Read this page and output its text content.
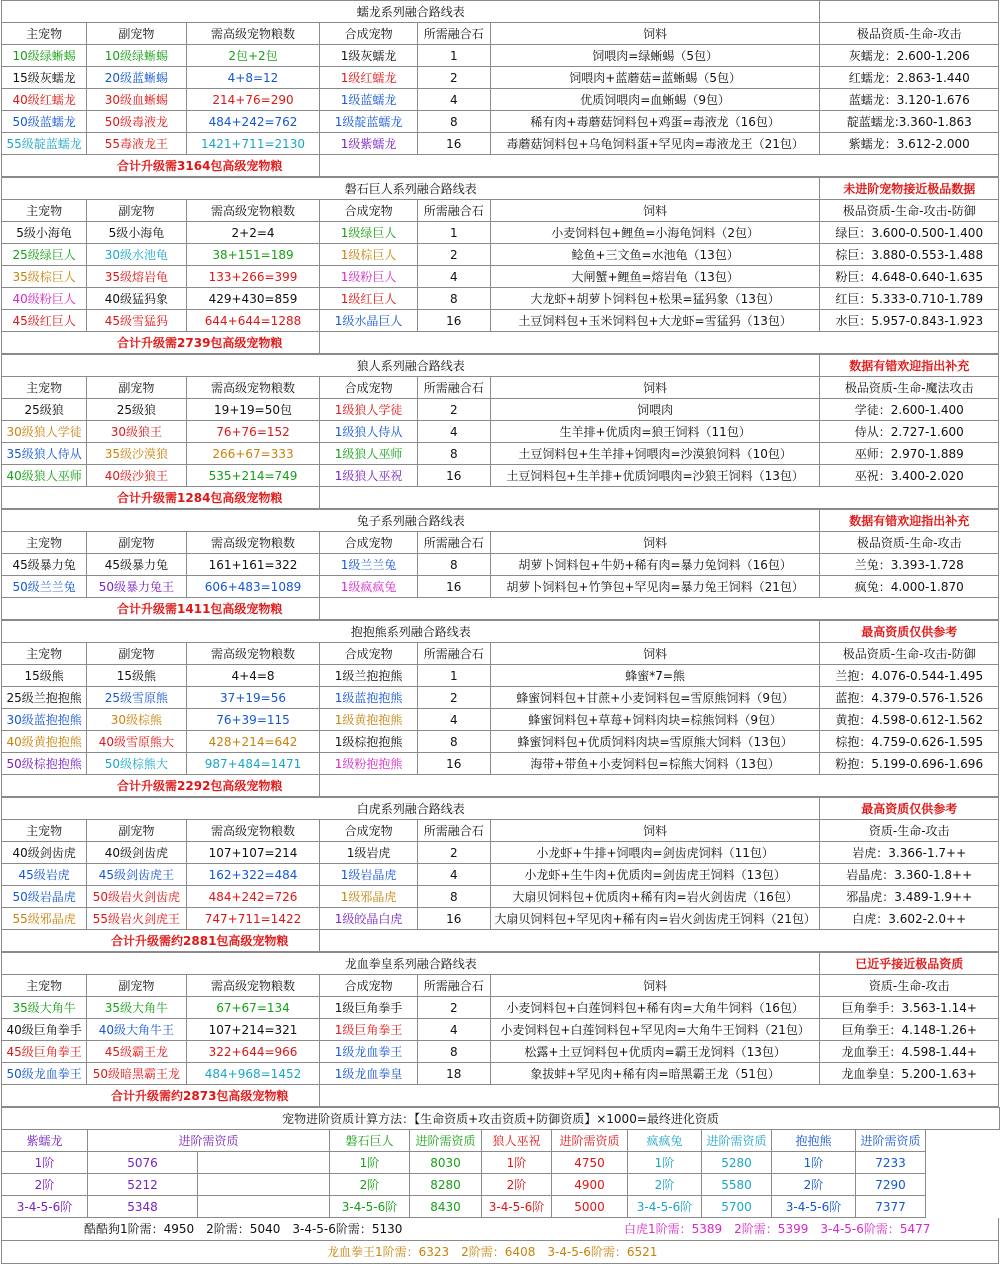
蠕龙系列融合路线表						
主宠物	副宠物	需高级宠物粮数	合成宠物	所需融合石	饲料	极品资质-生命-攻击
10级绿蜥蜴	10级绿蜥蜴	2包+2包	1级灰蠕龙	1	饲喂肉=绿蜥蜴（5包）	灰蠕龙：2.600-1.206
15级灰蠕龙	20级蓝蜥蜴	4+8=12	1级红蠕龙	2	饲喂肉+蓝蘑菇=蓝蜥蜴（5包）	红蠕龙：2.863-1.440
40级红蠕龙	30级血蜥蜴	214+76=290	1级蓝蠕龙	4	优质饲喂肉=血蜥蜴（9包）	蓝蠕龙：3.120-1.676
50级蓝蠕龙	50级毒液龙	484+242=762	1级靛蓝蠕龙	8	稀有肉+毒蘑菇饲料包+鸡蛋=毒液龙（16包）	靛蓝蠕龙:3.360-1.863
55级靛蓝蠕龙	55毒液龙王	1421+711=2130	1级紫蠕龙	16	毒蘑菇饲料包+乌龟饲料蛋+罕见肉=毒液龙王（21包）	紫蠕龙：3.612-2.000
合计升级需3164包高级宠物粮						
磐石巨人系列融合路线表						未进阶宠物接近极品数据
主宠物	副宠物	需高级宠物粮数	合成宠物	所需融合石	饲料	极品资质-生命-攻击-防御
5级小海龟	5级小海龟	2+2=4	1级绿巨人	1	小麦饲料包+鲤鱼=小海龟饲料（2包）	绿巨：3.600-0.500-1.400
25级绿巨人	30级水池龟	38+151=189	1级棕巨人	2	鲶鱼+三文鱼=水池龟（13包）	棕巨：3.880-0.553-1.488
35级棕巨人	35级熔岩龟	133+266=399	1级粉巨人	4	大闸蟹+鲤鱼=熔岩龟（13包）	粉巨：4.648-0.640-1.635
40级粉巨人	40级猛犸象	429+430=859	1级红巨人	8	大龙虾+胡萝卜饲料包+松果=猛犸象（13包）	红巨：5.333-0.710-1.789
45级红巨人	45级雪猛犸	644+644=1288	1级水晶巨人	16	土豆饲料包+玉米饲料包+大龙虾=雪猛犸（13包）	水巨：5.957-0.843-1.923
合计升级需2739包高级宠物粮						
狼人系列融合路线表						数据有错欢迎指出补充
主宠物	副宠物	需高级宠物粮数	合成宠物	所需融合石	饲料	极品资质-生命-魔法攻击
25级狼	25级狼	19+19=50包	1级狼人学徒	2	饲喂肉	学徒：2.600-1.400
30级狼人学徒	30级狼王	76+76=152	1级狼人侍从	4	生羊排+优质肉=狼王饲料（11包）	侍从：2.727-1.600
35级狼人侍从	35级沙漠狼	266+67=333	1级狼人巫师	8	土豆饲料包+生羊排+饲喂肉=沙漠狼饲料（10包）	巫师：2.970-1.889
40级狼人巫师	40级沙狼王	535+214=749	1级狼人巫祝	16	土豆饲料包+生羊排+优质饲喂肉=沙狼王饲料（13包）	巫祝：3.400-2.020
合计升级需1284包高级宠物粮						
兔子系列融合路线表						数据有错欢迎指出补充
主宠物	副宠物	需高级宠物粮数	合成宠物	所需融合石	饲料	极品资质-生命-攻击
45级暴力兔	45级暴力兔	161+161=322	1级兰兰兔	8	胡萝卜饲料包+牛奶+稀有肉=暴力兔饲料（16包）	兰兔：3.393-1.728
50级兰兰兔	50级暴力兔王	606+483=1089	1级疯疯兔	16	胡萝卜饲料包+竹笋包+罕见肉=暴力兔王饲料（21包）	疯兔：4.000-1.870
合计升级需1411包高级宠物粮						
抱抱熊系列融合路线表						最高资质仅供参考
主宠物	副宠物	需高级宠物粮数	合成宠物	所需融合石	饲料	极品资质-生命-攻击-防御
15级熊	15级熊	4+4=8	1级兰抱抱熊	1	蜂蜜*7=熊	兰抱：4.076-0.544-1.495
25级兰抱抱熊	25级雪原熊	37+19=56	1级蓝抱抱熊	2	蜂蜜饲料包+甘蔗+小麦饲料包=雪原熊饲料（9包）	蓝抱：4.379-0.576-1.526
30级蓝抱抱熊	30级棕熊	76+39=115	1级黄抱抱熊	4	蜂蜜饲料包+草莓+饲料肉块=棕熊饲料（9包）	黄抱：4.598-0.612-1.562
40级黄抱抱熊	40级雪原熊大	428+214=642	1级棕抱抱熊	8	蜂蜜饲料包+优质饲料肉块=雪原熊大饲料（13包）	棕抱：4.759-0.626-1.595
50级棕抱抱熊	50级棕熊大	987+484=1471	1级粉抱抱熊	16	海带+带鱼+小麦饲料包=棕熊大饲料（13包）	粉抱：5.199-0.696-1.696
合计升级需2292包高级宠物粮						
白虎系列融合路线表						最高资质仅供参考
主宠物	副宠物	需高级宠物粮数	合成宠物	所需融合石	饲料	资质-生命-攻击
40级剑齿虎	40级剑齿虎	107+107=214	1级岩虎	2	小龙虾+牛排+饲喂肉=剑齿虎饲料（11包）	岩虎：3.366-1.7++
45级岩虎	45级剑齿虎王	162+322=484	1级岩晶虎	4	小龙虾+生牛肉+优质肉=剑齿虎王饲料（13包）	岩晶虎：3.360-1.8++
50级岩晶虎	50级岩火剑齿虎	484+242=726	1级邪晶虎	8	大扇贝饲料包+优质肉+稀有肉=岩火剑齿虎（16包）	邪晶虎：3.489-1.9++
55级邪晶虎	55级岩火剑虎王	747+711=1422	1级皎晶白虎	16	大扇贝饲料包+罕见肉+稀有肉=岩火剑齿虎王饲料（21包）	白虎：3.602-2.0++
合计升级需约2881包高级宠物粮						
龙血拳皇系列融合路线表						已近乎接近极品资质
主宠物	副宠物	需高级宠物粮数	合成宠物	所需融合石	饲料	资质-生命-攻击
35级大角牛	35级大角牛	67+67=134	1级巨角拳手	2	小麦饲料包+白莲饲料包+稀有肉=大角牛饲料（16包）	巨角拳手：3.563-1.14+
40级巨角拳手	40级大角牛王	107+214=321	1级巨角拳王	4	小麦饲料包+白莲饲料包+罕见肉=大角牛王饲料（21包）	巨角拳王：4.148-1.26+
45级巨角拳王	45级霸王龙	322+644=966	1级龙血拳王	8	松露+土豆饲料包+优质肉=霸王龙饲料（13包）	龙血拳王：4.598-1.44+
50级龙血拳王	50级暗黑霸王龙	484+968=1452	1级龙血拳皇	18	象拔蚌+罕见肉+稀有肉=暗黑霸王龙（51包）	龙血拳皇：5.200-1.63+
合计升级需约2873包高级宠物粮						
宠物进阶资质计算方法：【生命资质+攻击资质+防御资质】×1000=最终进化资质										
紫蠕龙	进阶需资质		磐石巨人	进阶需资质	狼人巫祝	进阶需资质	疯疯兔	进阶需资质	抱抱熊	进阶需资质
1阶	5076		1阶	8030	1阶	4750	1阶	5280	1阶	7233
2阶	5212		2阶	8280	2阶	4900	2阶	5580	2阶	7290
3-4-5-6阶	5348		3-4-5-6阶	8430	3-4-5-6阶	5000	3-4-5-6阶	5700	3-4-5-6阶	7377
酷酷狗1阶需：4950　2阶需：5040　3-4-5-6阶需：5130	白虎1阶需：5389　2阶需：5399　3-4-5-6阶需：5477
龙血拳王1阶需：6323　2阶需：6408　3-4-5-6阶需：6521
